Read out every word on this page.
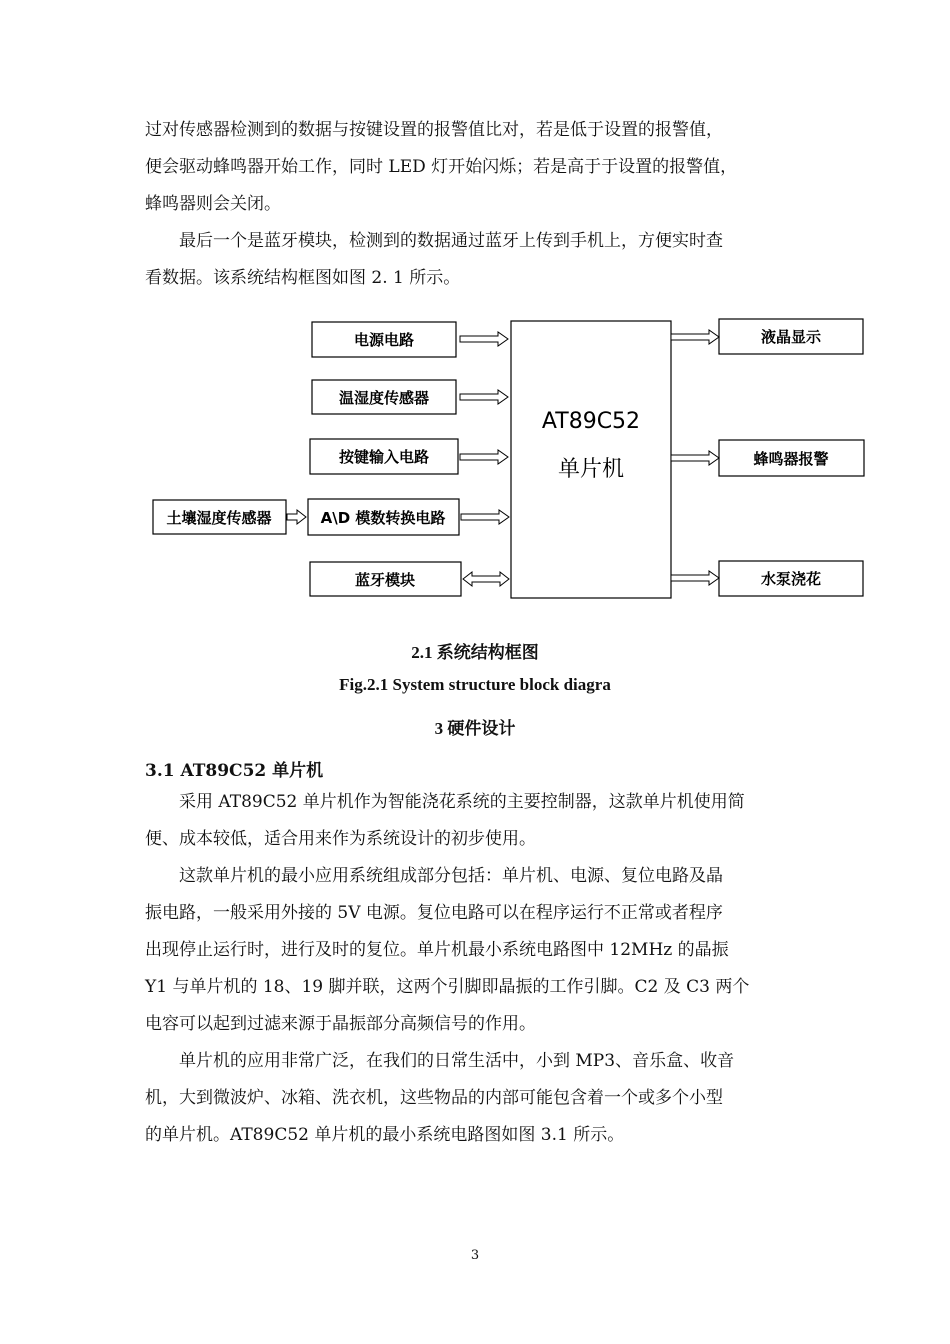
过对传感器检测到的数据与按键设置的报警值比对，若是低于设置的报警值，
便会驱动蜂鸣器开始工作，同时 LED 灯开始闪烁；若是高于于设置的报警值，
蜂鸣器则会关闭。
最后一个是蓝牙模块，检测到的数据通过蓝牙上传到手机上，方便实时查
看数据。该系统结构框图如图 2. 1 所示。
电源电路
温湿度传感器
按键输入电路
A\D 模数转换电路
蓝牙模块
土壤湿度传感器
液晶显示
蜂鸣器报警
水泵浇花
AT89C52
单片机
2.1 系统结构框图
Fig.2.1 System structure block diagra
3 硬件设计
3.1 AT89C52 单片机
采用 AT89C52 单片机作为智能浇花系统的主要控制器，这款单片机使用简
便、成本较低，适合用来作为系统设计的初步使用。
这款单片机的最小应用系统组成部分包括：单片机、电源、复位电路及晶
振电路，一般采用外接的 5V 电源。复位电路可以在程序运行不正常或者程序
出现停止运行时，进行及时的复位。单片机最小系统电路图中 12MHz 的晶振
Y1 与单片机的 18、19 脚并联，这两个引脚即晶振的工作引脚。C2 及 C3 两个
电容可以起到过滤来源于晶振部分高频信号的作用。
单片机的应用非常广泛，在我们的日常生活中，小到 MP3、音乐盒、收音
机，大到微波炉、冰箱、洗衣机，这些物品的内部可能包含着一个或多个小型
的单片机。AT89C52 单片机的最小系统电路图如图 3.1 所示。
3
